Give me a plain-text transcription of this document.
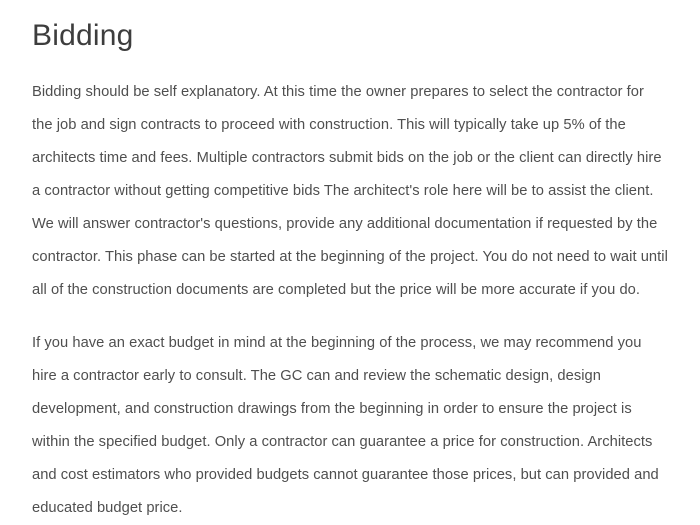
Bidding

Bidding should be self explanatory. At this time the owner prepares to select the contractor for the job and sign contracts to proceed with construction. This will typically take up 5% of the architects time and fees. Multiple contractors submit bids on the job or the client can directly hire a contractor without getting competitive bids The architect's role here will be to assist the client. We will answer contractor's questions, provide any additional documentation if requested by the contractor. This phase can be started at the beginning of the project. You do not need to wait until all of the construction documents are completed but the price will be more accurate if you do.

If you have an exact budget in mind at the beginning of the process, we may recommend you hire a contractor early to consult. The GC can and review the schematic design, design development, and construction drawings from the beginning in order to ensure the project is within the specified budget. Only a contractor can guarantee a price for construction. Architects and cost estimators who provided budgets cannot guarantee those prices, but can provided and educated budget price.
